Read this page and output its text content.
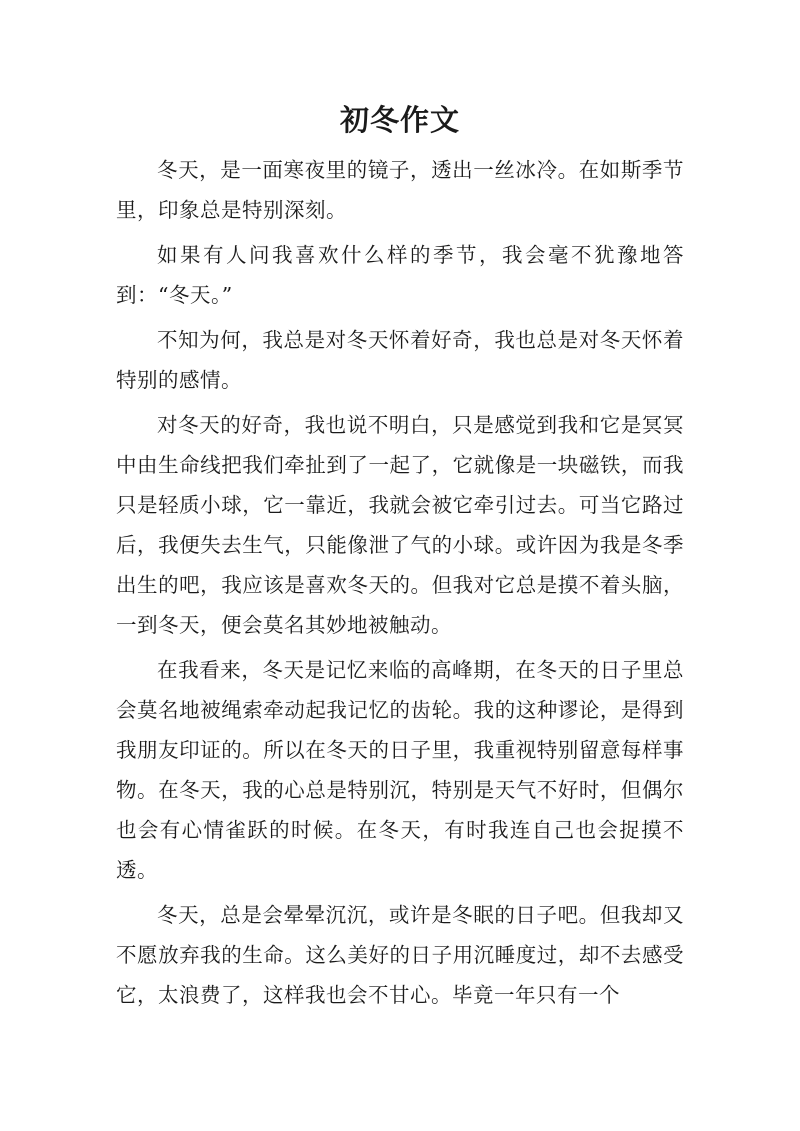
初冬作文

冬天，是一面寒夜里的镜子，透出一丝冰冷。在如斯季节里，印象总是特别深刻。

如果有人问我喜欢什么样的季节，我会毫不犹豫地答到：“冬天。”

不知为何，我总是对冬天怀着好奇，我也总是对冬天怀着特别的感情。

对冬天的好奇，我也说不明白，只是感觉到我和它是冥冥中由生命线把我们牵扯到了一起了，它就像是一块磁铁，而我只是轻质小球，它一靠近，我就会被它牵引过去。可当它路过后，我便失去生气，只能像泄了气的小球。或许因为我是冬季出生的吧，我应该是喜欢冬天的。但我对它总是摸不着头脑，一到冬天，便会莫名其妙地被触动。

在我看来，冬天是记忆来临的高峰期，在冬天的日子里总会莫名地被绳索牵动起我记忆的齿轮。我的这种谬论，是得到我朋友印证的。所以在冬天的日子里，我重视特别留意每样事物。在冬天，我的心总是特别沉，特别是天气不好时，但偶尔也会有心情雀跃的时候。在冬天，有时我连自己也会捉摸不透。

冬天，总是会晕晕沉沉，或许是冬眠的日子吧。但我却又不愿放弃我的生命。这么美好的日子用沉睡度过，却不去感受它，太浪费了，这样我也会不甘心。毕竟一年只有一个
